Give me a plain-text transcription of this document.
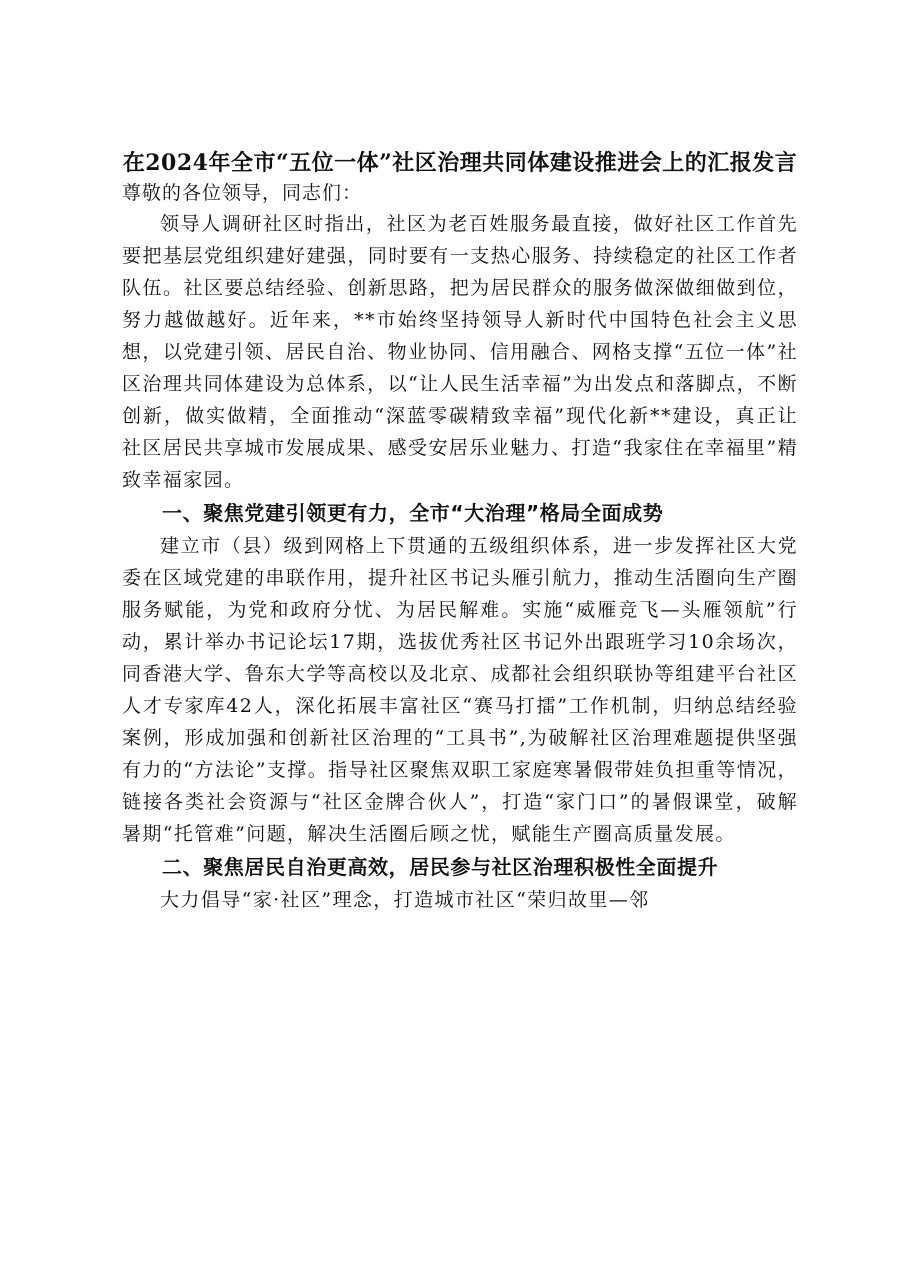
在2024年全市“五位一体”社区治理共同体建设推进会上的汇报发言

尊敬的各位领导，同志们：

领导人调研社区时指出，社区为老百姓服务最直接，做好社区工作首先要把基层党组织建好建强，同时要有一支热心服务、持续稳定的社区工作者队伍。社区要总结经验、创新思路，把为居民群众的服务做深做细做到位，努力越做越好。近年来，**市始终坚持领导人新时代中国特色社会主义思想，以党建引领、居民自治、物业协同、信用融合、网格支撑“五位一体”社区治理共同体建设为总体系，以“让人民生活幸福”为出发点和落脚点，不断创新，做实做精，全面推动“深蓝零碳精致幸福”现代化新**建设，真正让社区居民共享城市发展成果、感受安居乐业魅力、打造“我家住在幸福里”精致幸福家园。

一、聚焦党建引领更有力，全市“大治理”格局全面成势

建立市（县）级到网格上下贯通的五级组织体系，进一步发挥社区大党委在区域党建的串联作用，提升社区书记头雁引航力，推动生活圈向生产圈服务赋能，为党和政府分忧、为居民解难。实施“威雁竞飞—头雁领航”行动，累计举办书记论坛17期，选拔优秀社区书记外出跟班学习10余场次，同香港大学、鲁东大学等高校以及北京、成都社会组织联协等组建平台社区人才专家库42人，深化拓展丰富社区“赛马打擂”工作机制，归纳总结经验案例，形成加强和创新社区治理的“工具书”,为破解社区治理难题提供坚强有力的“方法论”支撑。指导社区聚焦双职工家庭寒暑假带娃负担重等情况，链接各类社会资源与“社区金牌合伙人”，打造“家门口”的暑假课堂，破解暑期“托管难”问题，解决生活圈后顾之忧，赋能生产圈高质量发展。

二、聚焦居民自治更高效，居民参与社区治理积极性全面提升

大力倡导“家·社区”理念，打造城市社区“荣归故里—邻
